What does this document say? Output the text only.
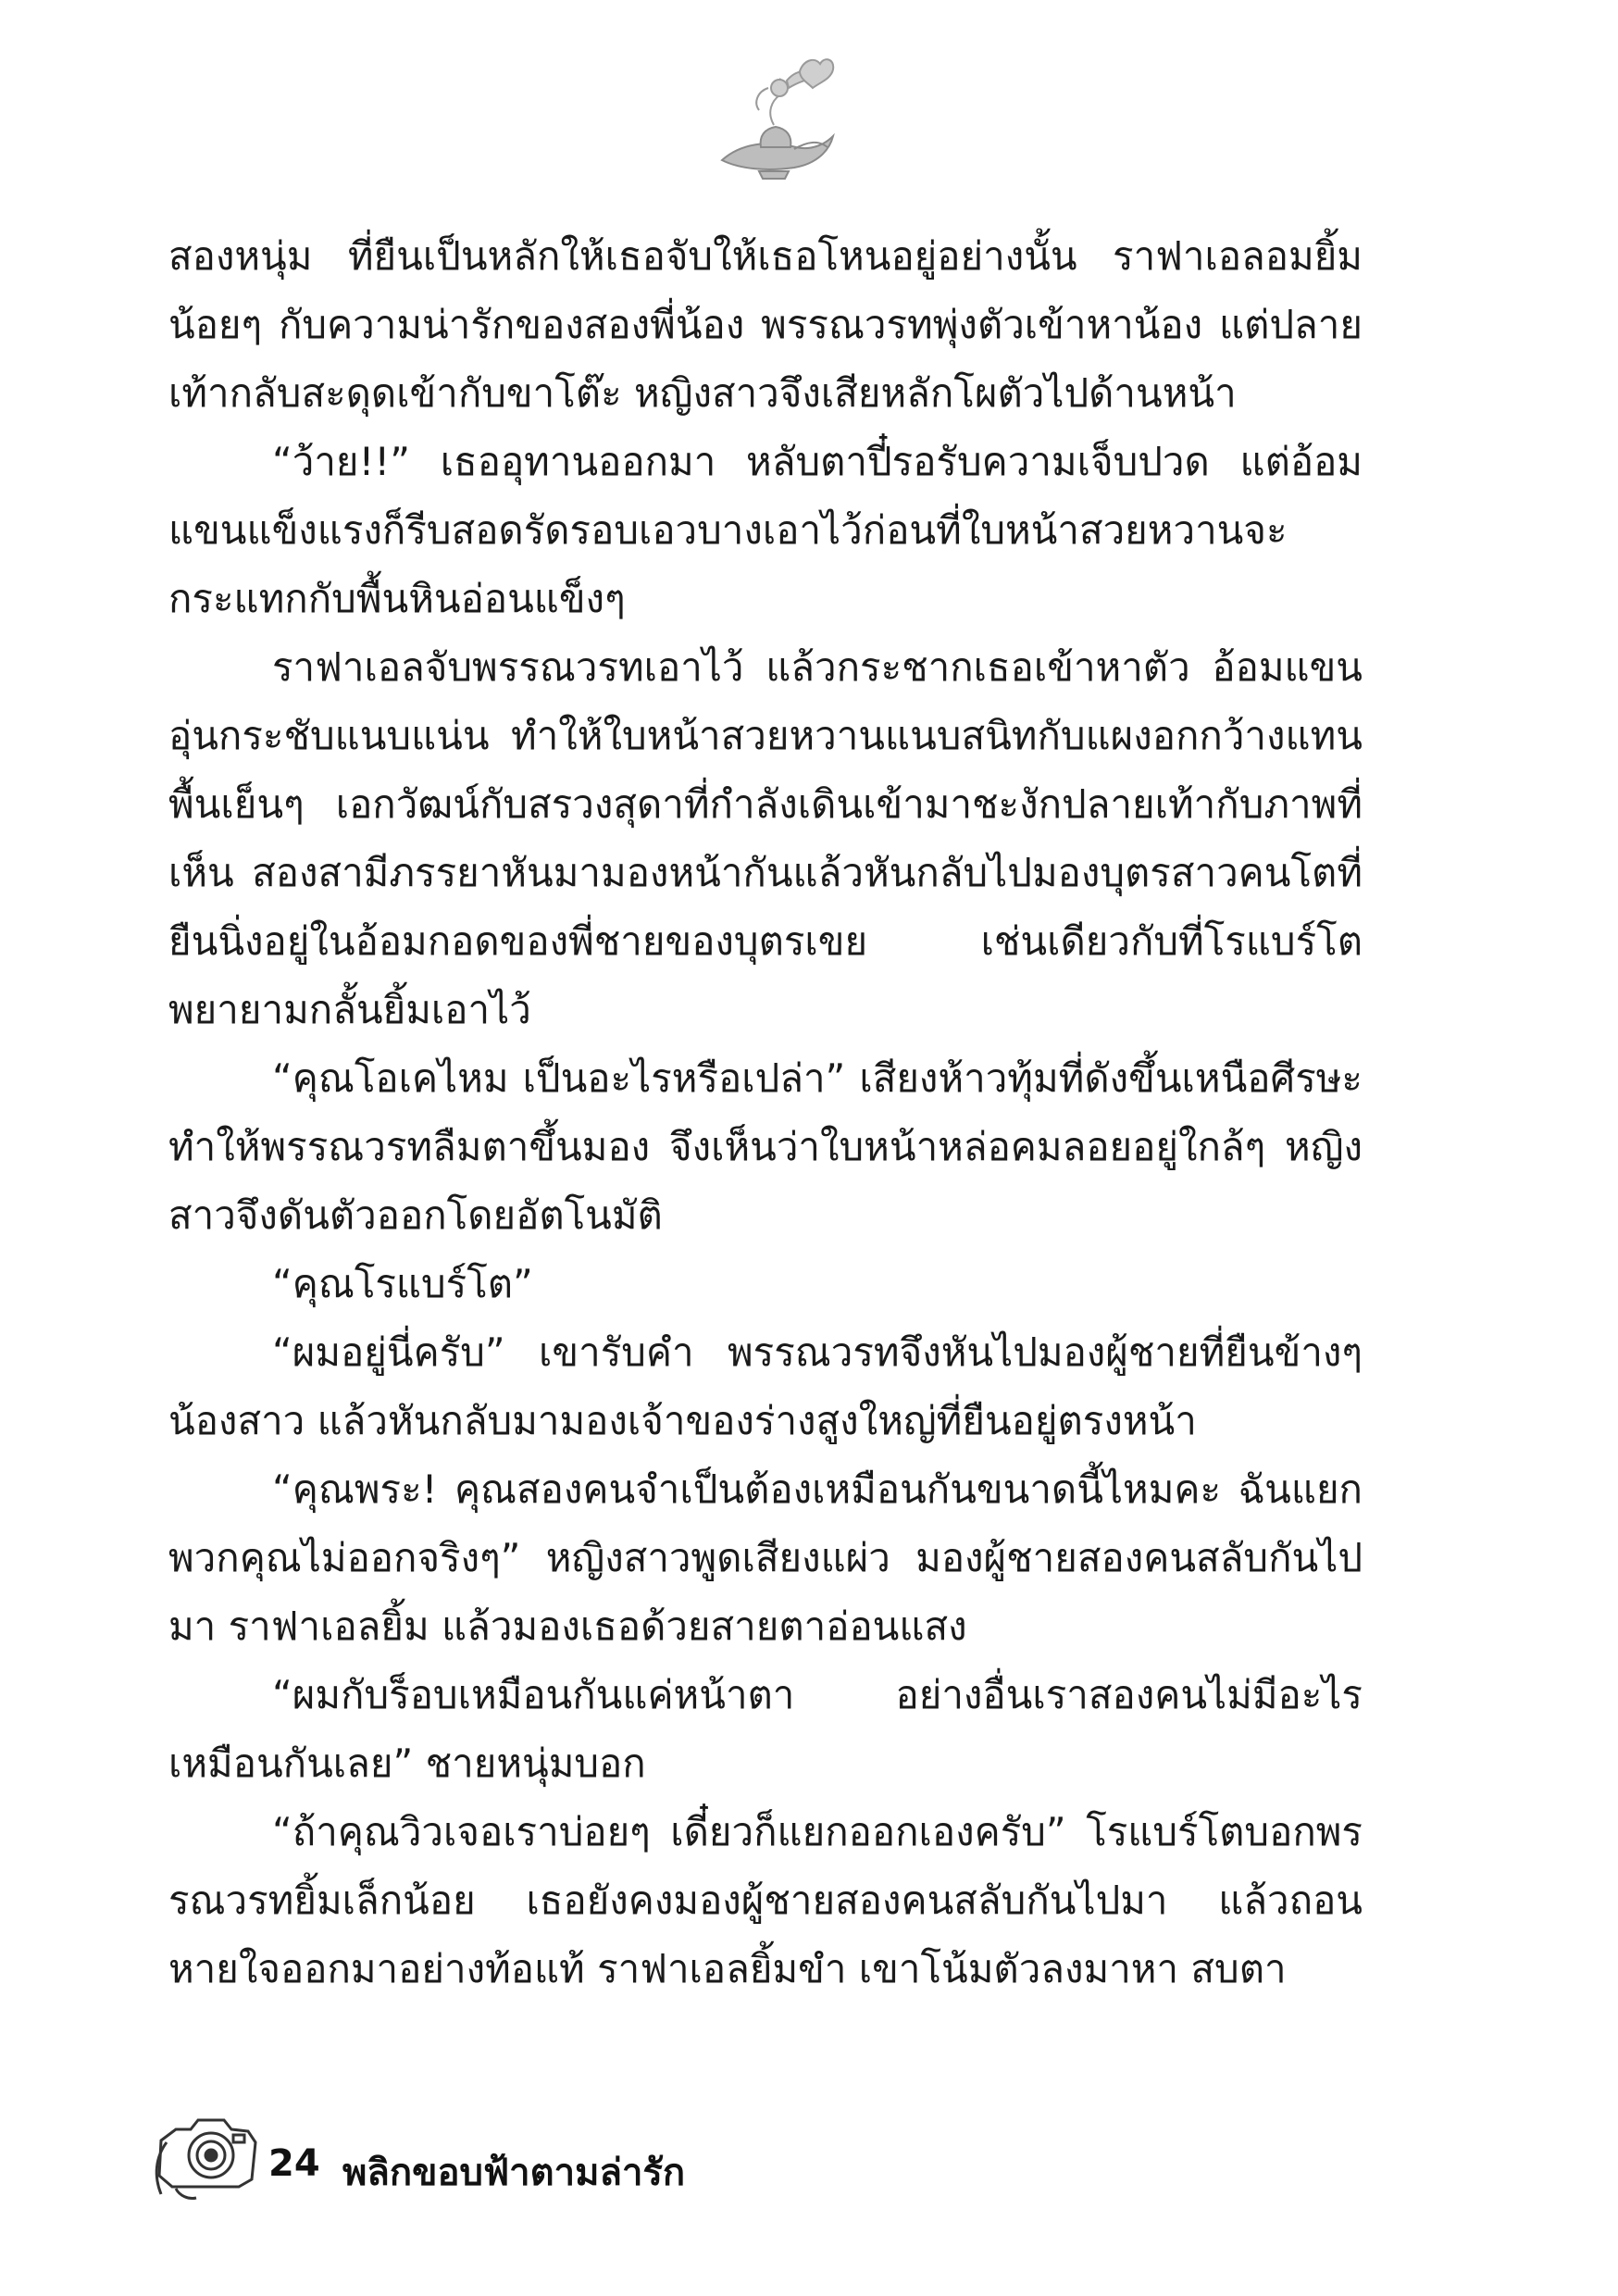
สองหนุ่ม ที่ยืนเป็นหลักให้เธอจับให้เธอโหนอยู่อย่างนั้น ราฟาเอลอมยิ้มน้อยๆ กับความน่ารักของสองพี่น้อง พรรณวรทพุ่งตัวเข้าหาน้อง แต่ปลายเท้ากลับสะดุดเข้ากับขาโต๊ะ หญิงสาวจึงเสียหลักโผตัวไปด้านหน้า

“ว้าย!!” เธออุทานออกมา หลับตาปี๋รอรับความเจ็บปวด แต่อ้อมแขนแข็งแรงก็รีบสอดรัดรอบเอวบางเอาไว้ก่อนที่ใบหน้าสวยหวานจะกระแทกกับพื้นหินอ่อนแข็งๆ

ราฟาเอลจับพรรณวรทเอาไว้ แล้วกระชากเธอเข้าหาตัว อ้อมแขนอุ่นกระชับแนบแน่น ทำให้ใบหน้าสวยหวานแนบสนิทกับแผงอกกว้างแทนพื้นเย็นๆ เอกวัฒน์กับสรวงสุดาที่กำลังเดินเข้ามาชะงักปลายเท้ากับภาพที่เห็น สองสามีภรรยาหันมามองหน้ากันแล้วหันกลับไปมองบุตรสาวคนโตที่ยืนนิ่งอยู่ในอ้อมกอดของพี่ชายของบุตรเขย เช่นเดียวกับที่โรแบร์โตพยายามกลั้นยิ้มเอาไว้

“คุณโอเคไหม เป็นอะไรหรือเปล่า” เสียงห้าวทุ้มที่ดังขึ้นเหนือศีรษะทำให้พรรณวรทลืมตาขึ้นมอง จึงเห็นว่าใบหน้าหล่อคมลอยอยู่ใกล้ๆ หญิงสาวจึงดันตัวออกโดยอัตโนมัติ

“คุณโรแบร์โต”

“ผมอยู่นี่ครับ” เขารับคำ พรรณวรทจึงหันไปมองผู้ชายที่ยืนข้างๆ น้องสาว แล้วหันกลับมามองเจ้าของร่างสูงใหญ่ที่ยืนอยู่ตรงหน้า

“คุณพระ! คุณสองคนจำเป็นต้องเหมือนกันขนาดนี้ไหมคะ ฉันแยกพวกคุณไม่ออกจริงๆ” หญิงสาวพูดเสียงแผ่ว มองผู้ชายสองคนสลับกันไปมา ราฟาเอลยิ้ม แล้วมองเธอด้วยสายตาอ่อนแสง

“ผมกับร็อบเหมือนกันแค่หน้าตา อย่างอื่นเราสองคนไม่มีอะไรเหมือนกันเลย” ชายหนุ่มบอก

“ถ้าคุณวิวเจอเราบ่อยๆ เดี๋ยวก็แยกออกเองครับ” โรแบร์โตบอกพรรณวรทยิ้มเล็กน้อย เธอยังคงมองผู้ชายสองคนสลับกันไปมา แล้วถอนหายใจออกมาอย่างท้อแท้ ราฟาเอลยิ้มขำ เขาโน้มตัวลงมาหา สบตา

24 พลิกขอบฟ้าตามล่ารัก
